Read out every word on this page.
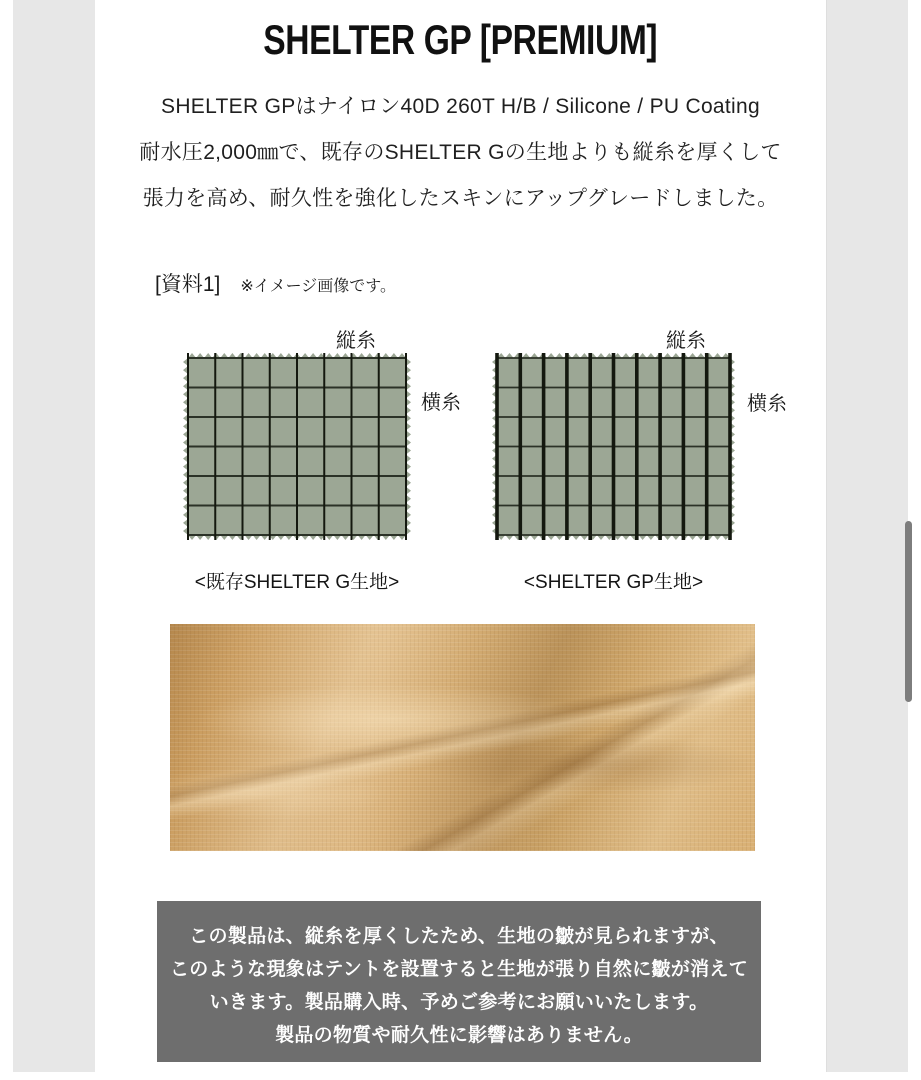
SHELTER GP [PREMIUM]

SHELTER GPはナイロン40D 260T H/B / Silicone / PU Coating
耐水圧2,000㎜で、既存のSHELTER Gの生地よりも縦糸を厚くして
張力を高め、耐久性を強化したスキンにアップグレードしました。

[資料1] ※イメージ画像です。
縦糸
横糸
<既存SHELTER G生地>
縦糸
横糸
<SHELTER GP生地>

この製品は、縦糸を厚くしたため、生地の皺が見られますが、

このような現象はテントを設置すると生地が張り自然に皺が消えて

いきます。製品購入時、予めご参考にお願いいたします。

製品の物質や耐久性に影響はありません。
